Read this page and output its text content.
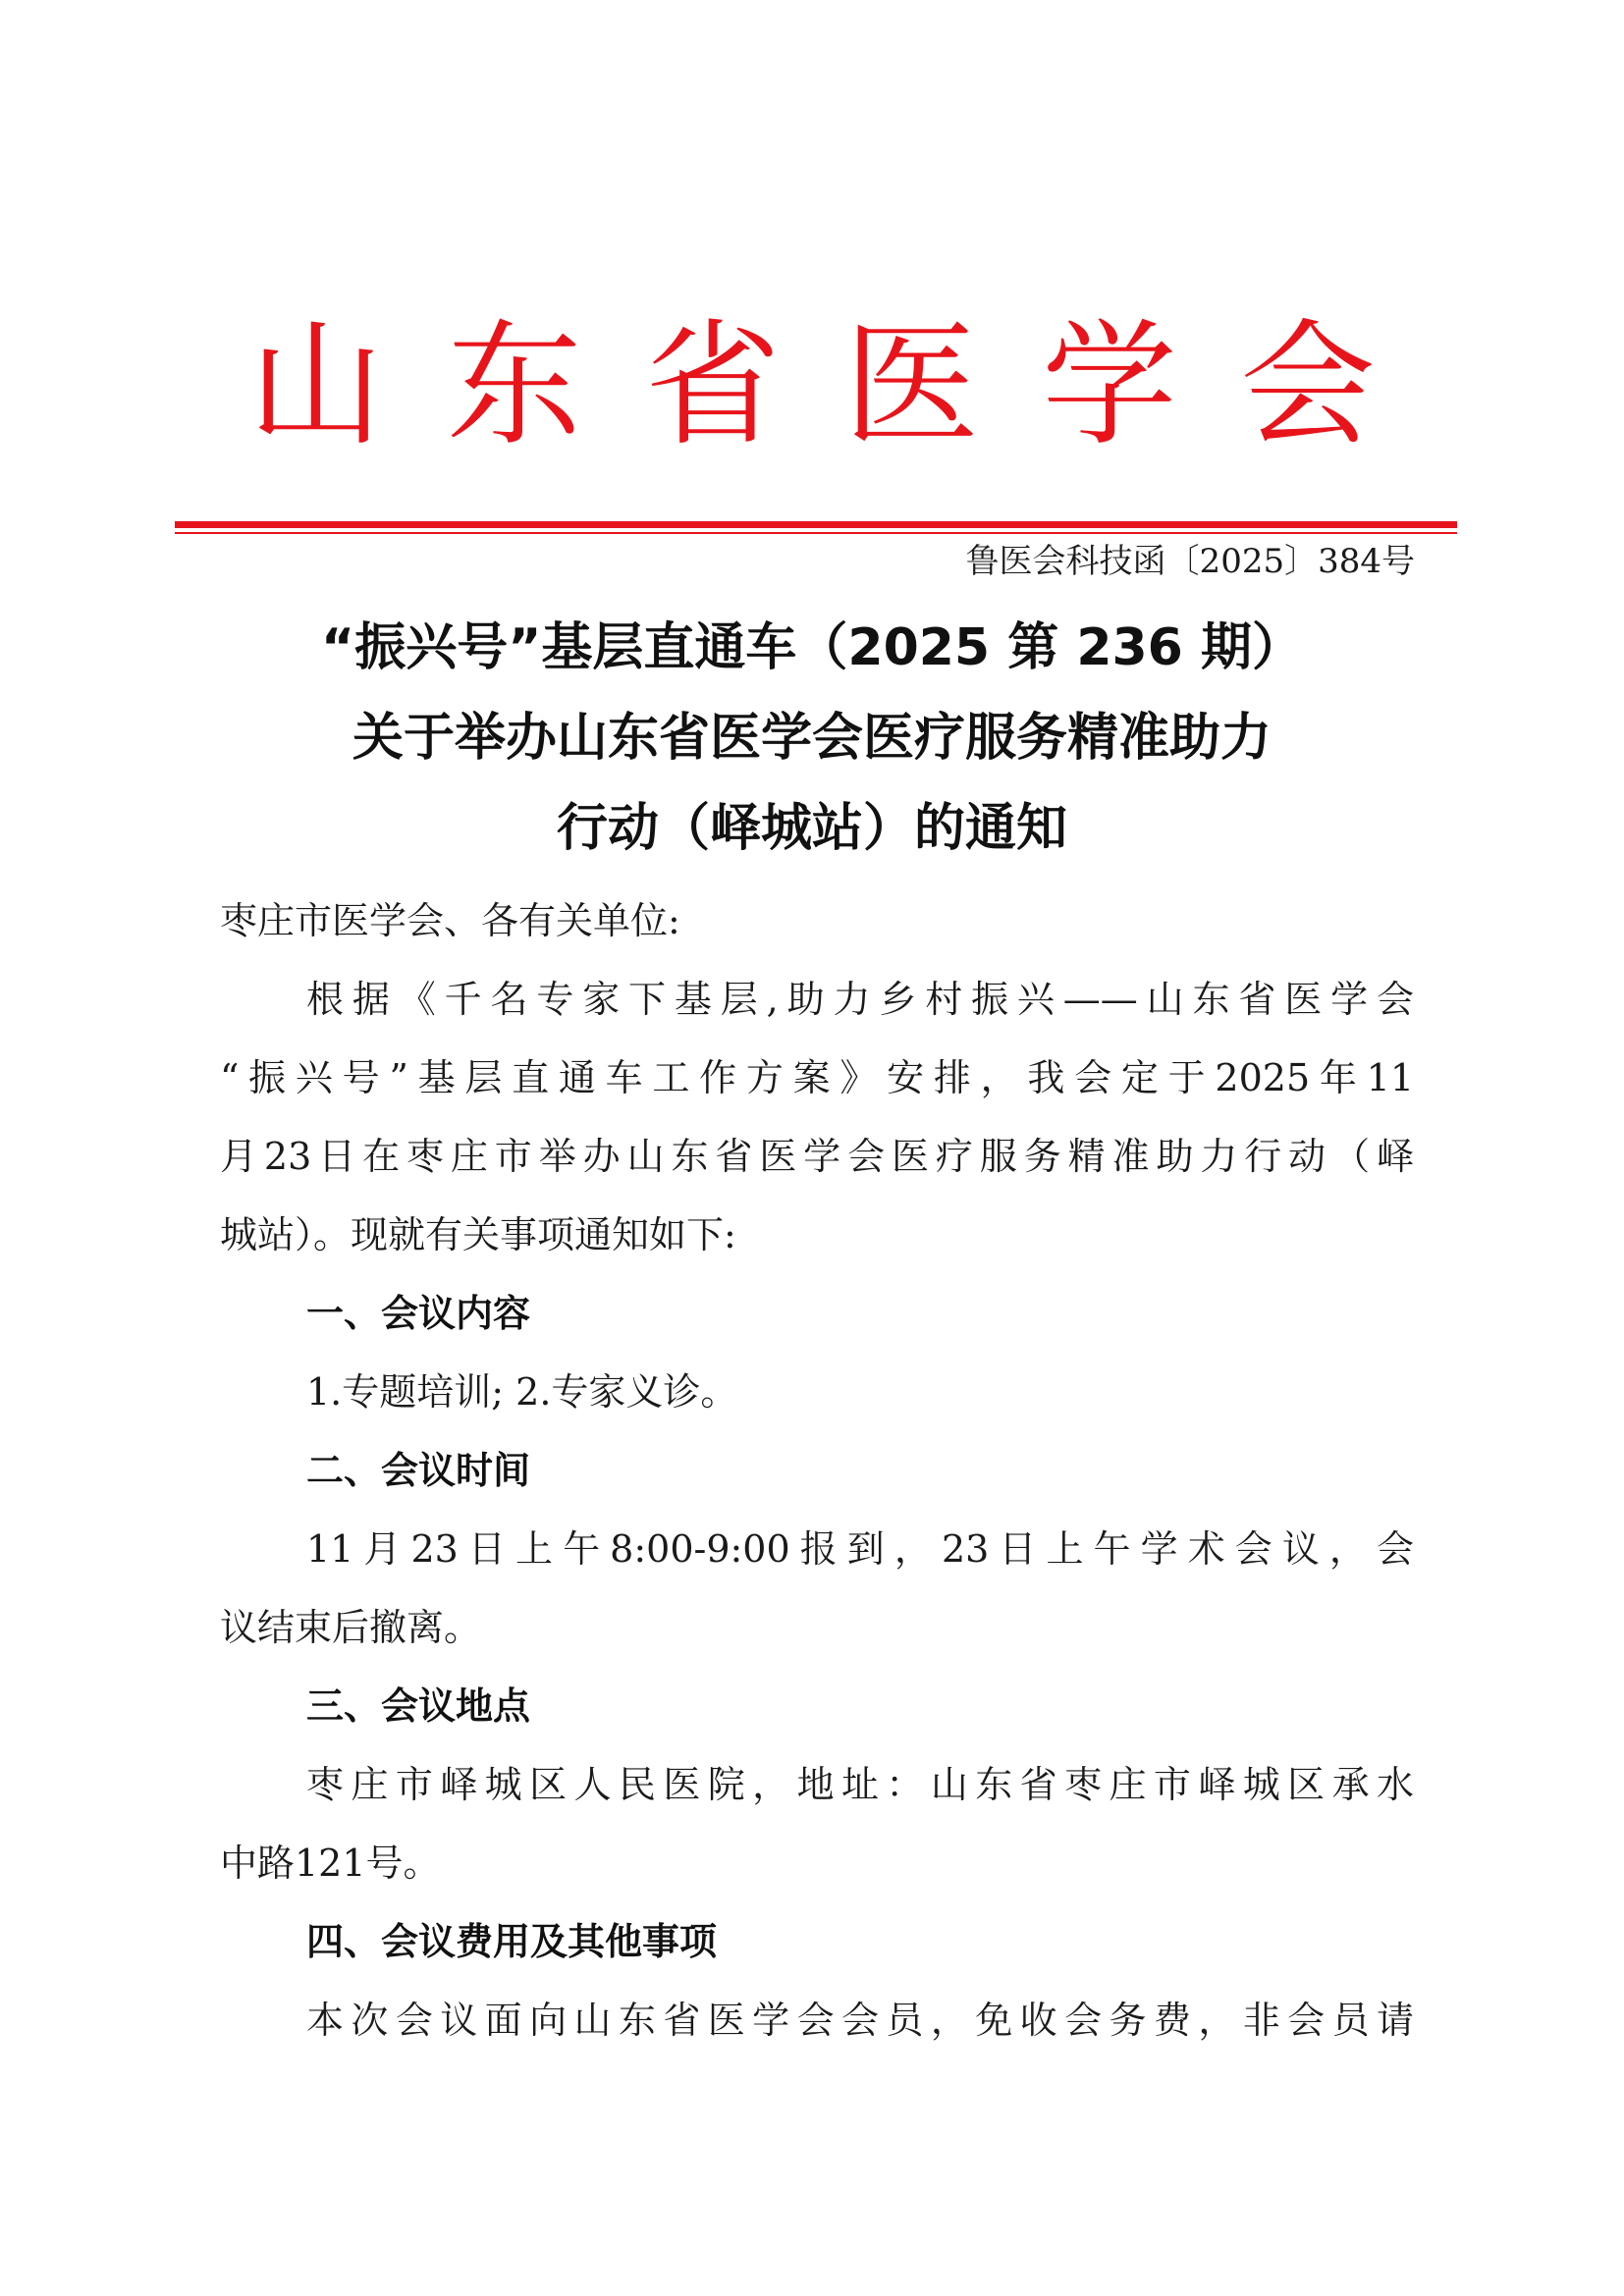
山东省医学会
鲁医会科技函〔2025〕384号
“振兴号”基层直通车（2025 第 236 期）
关于举办山东省医学会医疗服务精准助力
行动（峄城站）的通知
枣庄市医学会、各有关单位:
根据《千名专家下基层,助力乡村振兴——山东省医学会
“振兴号”基层直通车工作方案》安排，我会定于2025年11
月23日在枣庄市举办山东省医学会医疗服务精准助力行动（峄
城站）。现就有关事项通知如下:
一、会议内容
1.专题培训; 2.专家义诊。
二、会议时间
11月23日上午8:00-9:00报到，23日上午学术会议，会
议结束后撤离。
三、会议地点
枣庄市峄城区人民医院，地址：山东省枣庄市峄城区承水
中路121号。
四、会议费用及其他事项
本次会议面向山东省医学会会员，免收会务费，非会员请
